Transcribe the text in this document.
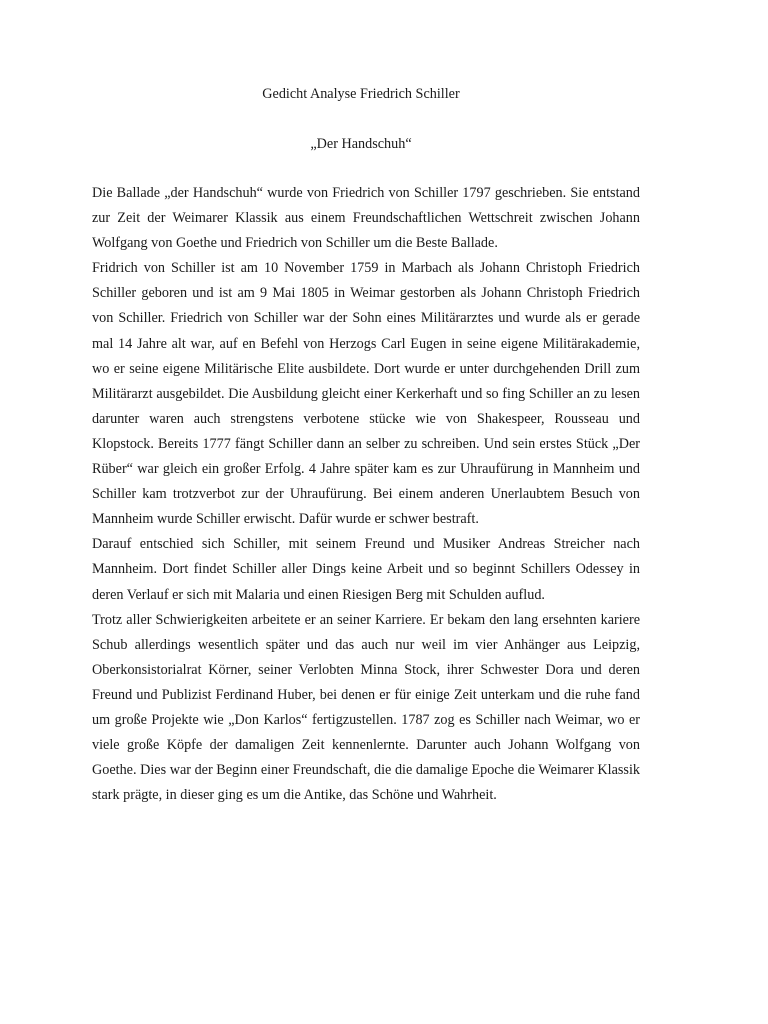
Gedicht Analyse Friedrich Schiller
„Der Handschuh“

Die Ballade „der Handschuh“ wurde von Friedrich von Schiller 1797 geschrieben. Sie entstand zur Zeit der Weimarer Klassik aus einem Freundschaftlichen Wettschreit zwischen Johann Wolfgang von Goethe und Friedrich von Schiller um die Beste Ballade.

Fridrich von Schiller ist am 10 November 1759 in Marbach als Johann Christoph Friedrich Schiller geboren und ist am 9 Mai 1805 in Weimar gestorben als Johann Christoph Friedrich von Schiller. Friedrich von Schiller war der Sohn eines Militärarztes und wurde als er gerade mal 14 Jahre alt war, auf en Befehl von Herzogs Carl Eugen in seine eigene Militärakademie, wo er seine eigene Militärische Elite ausbildete. Dort wurde er unter durchgehenden Drill zum Militärarzt ausgebildet. Die Ausbildung gleicht einer Kerkerhaft und so fing Schiller an zu lesen darunter waren auch strengstens verbotene stücke wie von Shakespeer, Rousseau und Klopstock. Bereits 1777 fängt Schiller dann an selber zu schreiben. Und sein erstes Stück „Der Rüber“ war gleich ein großer Erfolg. 4 Jahre später kam es zur Uhraufürung in Mannheim und Schiller kam trotzverbot zur der Uhraufürung. Bei einem anderen Unerlaubtem Besuch von Mannheim wurde Schiller erwischt. Dafür wurde er schwer bestraft.

Darauf entschied sich Schiller, mit seinem Freund und Musiker Andreas Streicher nach Mannheim. Dort findet Schiller aller Dings keine Arbeit und so beginnt Schillers Odessey in deren Verlauf er sich mit Malaria und einen Riesigen Berg mit Schulden auflud.

Trotz aller Schwierigkeiten arbeitete er an seiner Karriere. Er bekam den lang ersehnten kariere Schub allerdings wesentlich später und das auch nur weil im vier Anhänger aus Leipzig, Oberkonsistorialrat Körner, seiner Verlobten Minna Stock, ihrer Schwester Dora und deren Freund und Publizist Ferdinand Huber, bei denen er für einige Zeit unterkam und die ruhe fand um große Projekte wie „Don Karlos“ fertigzustellen. 1787 zog es Schiller nach Weimar, wo er viele große Köpfe der damaligen Zeit kennenlernte. Darunter auch Johann Wolfgang von Goethe. Dies war der Beginn einer Freundschaft, die die damalige Epoche die Weimarer Klassik stark prägte, in dieser ging es um die Antike, das Schöne und Wahrheit.
